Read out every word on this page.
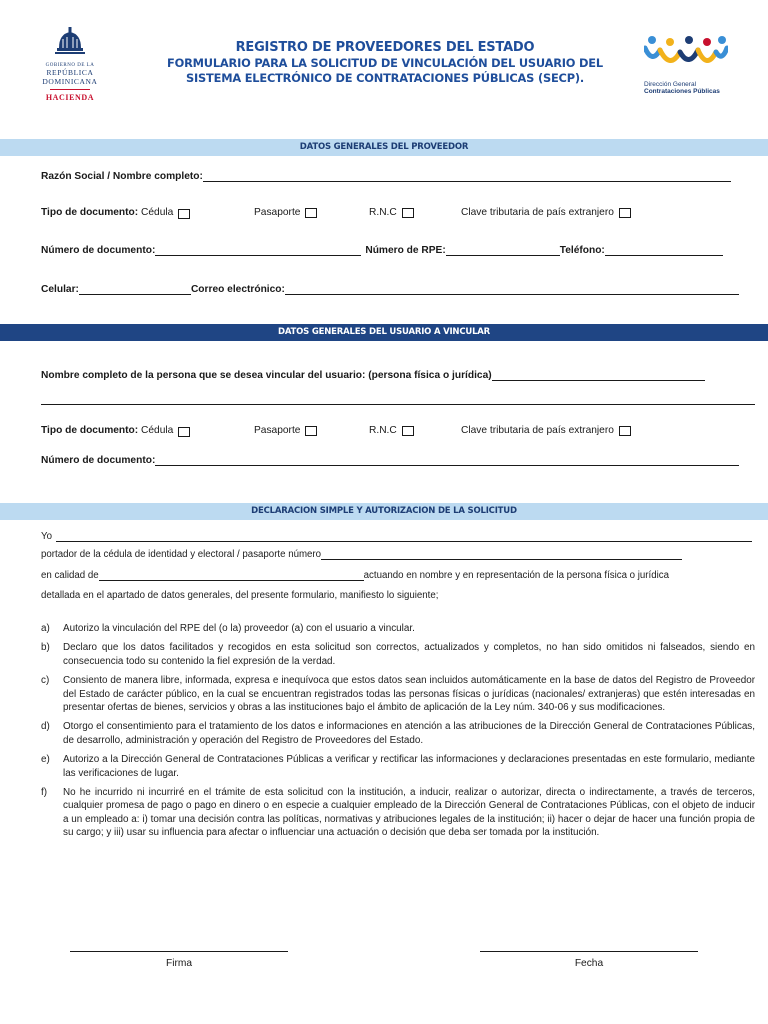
GOBIERNO DE LA
REPÚBLICA
DOMINICANA
HACIENDA
REGISTRO DE PROVEEDORES DEL ESTADO
FORMULARIO PARA LA SOLICITUD DE VINCULACIÓN DEL USUARIO DEL
SISTEMA ELECTRÓNICO DE CONTRATACIONES PÚBLICAS (SECP).	Dirección General
Contrataciones Públicas
DATOS GENERALES DEL PROVEEDOR
Razón Social / Nombre completo:
Tipo de documento:
Cédula	Pasaporte	R.N.C	Clave tributaria de país extranjero
Número de documento:	Número de RPE:	Teléfono:
Celular:	Correo electrónico:
DATOS GENERALES DEL USUARIO A VINCULAR
Nombre completo de la persona que se desea vincular del usuario: (persona física o jurídica)
Tipo de documento:
Cédula	Pasaporte	R.N.C	Clave tributaria de país extranjero
Número de documento:
DECLARACION SIMPLE Y AUTORIZACION DE LA SOLICITUD
Yo
portador de la cédula de identidad y electoral / pasaporte número
en calidad de	actuando en nombre y en representación de la persona física o jurídica
detallada en el apartado de datos generales, del presente formulario, manifiesto lo siguiente;
a)	Autorizo la vinculación del RPE del (o la) proveedor (a) con el usuario a vincular.
b)	Declaro que los datos facilitados y recogidos en esta solicitud son correctos, actualizados y completos, no han sido omitidos ni falseados, siendo en consecuencia todo su contenido la fiel expresión de la verdad.
c)	Consiento de manera libre, informada, expresa e inequívoca que estos datos sean incluidos automáticamente en la base de datos del Registro de Proveedor del Estado de carácter público, en la cual se encuentran registrados todas las personas físicas o jurídicas (nacionales/ extranjeras) que estén interesadas en presentar ofertas de bienes, servicios y obras a las instituciones bajo el ámbito de aplicación de la Ley núm. 340-06 y sus modificaciones.
d)	Otorgo el consentimiento para el tratamiento de los datos e informaciones en atención a las atribuciones de la Dirección General de Contrataciones Públicas, de desarrollo, administración y operación del Registro de Proveedores del Estado.
e)	Autorizo a la Dirección General de Contrataciones Públicas a verificar y rectificar las informaciones y declaraciones presentadas en este formulario, mediante las verificaciones de lugar.
f)	No he incurrido ni incurriré en el trámite de esta solicitud con la institución, a inducir, realizar o autorizar, directa o indirectamente, a través de terceros, cualquier promesa de pago o pago en dinero o en especie a cualquier empleado de la Dirección General de Contrataciones Públicas, con el objeto de inducir a un empleado a: i) tomar una decisión contra las políticas, normativas y atribuciones legales de la institución; ii) hacer o dejar de hacer una función propia de su cargo; y iii) usar su influencia para afectar o influenciar una actuación o decisión que deba ser tomada por la institución.
Firma	Fecha
